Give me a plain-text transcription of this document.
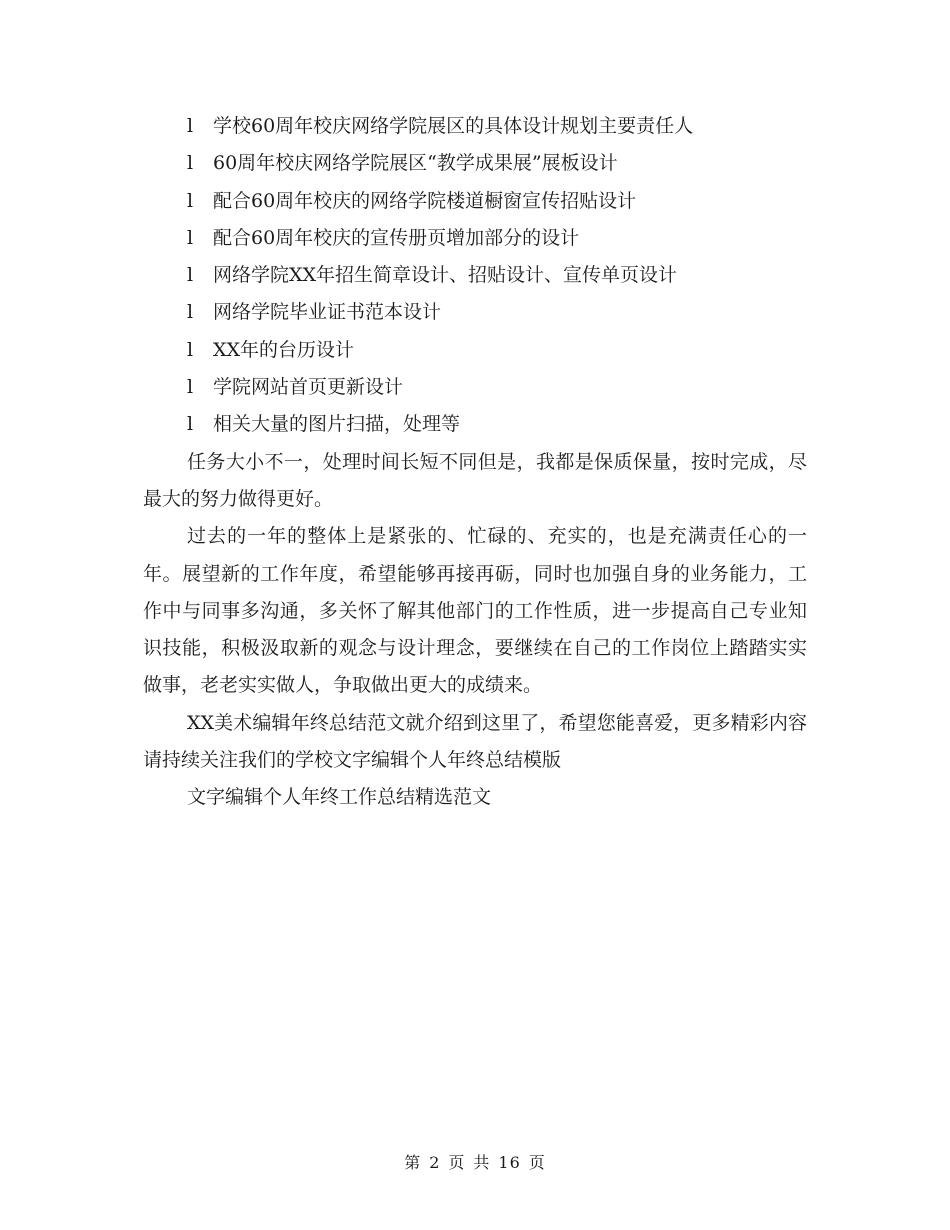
l 学校60周年校庆网络学院展区的具体设计规划主要责任人
l 60周年校庆网络学院展区“教学成果展”展板设计
l 配合60周年校庆的网络学院楼道橱窗宣传招贴设计
l 配合60周年校庆的宣传册页增加部分的设计
l 网络学院XX年招生简章设计、招贴设计、宣传单页设计
l 网络学院毕业证书范本设计
l XX年的台历设计
l 学院网站首页更新设计
l 相关大量的图片扫描，处理等

任务大小不一，处理时间长短不同但是，我都是保质保量，按时完成，尽最大的努力做得更好。

过去的一年的整体上是紧张的、忙碌的、充实的，也是充满责任心的一年。展望新的工作年度，希望能够再接再砺，同时也加强自身的业务能力，工作中与同事多沟通，多关怀了解其他部门的工作性质，进一步提高自己专业知识技能，积极汲取新的观念与设计理念，要继续在自己的工作岗位上踏踏实实做事，老老实实做人，争取做出更大的成绩来。

XX美术编辑年终总结范文就介绍到这里了，希望您能喜爱，更多精彩内容请持续关注我们的学校文字编辑个人年终总结模版

文字编辑个人年终工作总结精选范文

第 2 页 共 16 页
